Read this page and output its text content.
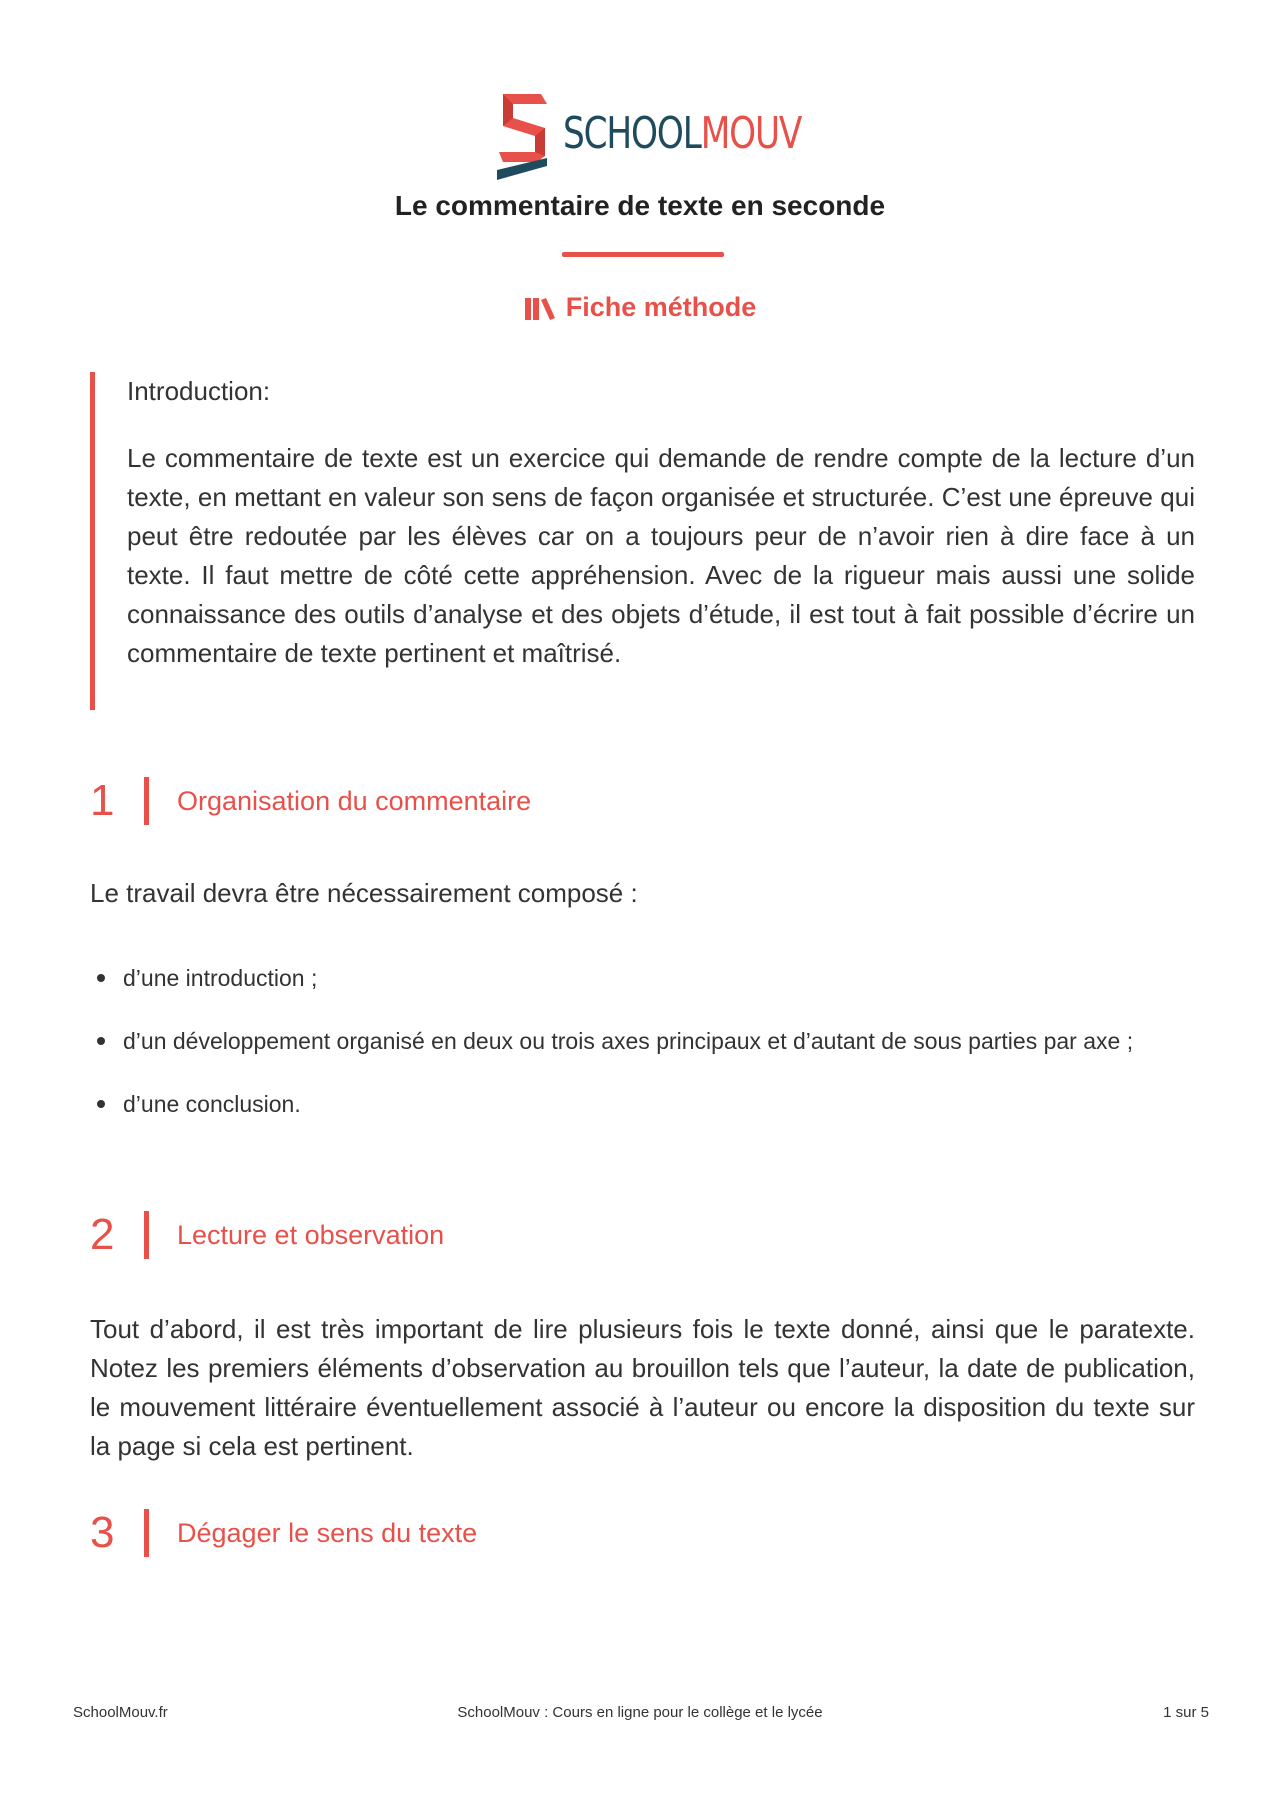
SCHOOLMOUV
Le commentaire de texte en seconde
Fiche méthode

Introduction:

Le commentaire de texte est un exercice qui demande de rendre compte de la lecture d’un texte, en mettant en valeur son sens de façon organisée et structurée. C’est une épreuve qui peut être redoutée par les élèves car on a toujours peur de n’avoir rien à dire face à un texte. Il faut mettre de côté cette appréhension. Avec de la rigueur mais aussi une solide connaissance des outils d’analyse et des objets d’étude, il est tout à fait possible d’écrire un commentaire de texte pertinent et maîtrisé.

1	Organisation du commentaire

Le travail devra être nécessairement composé :

d’une introduction ;
d’un développement organisé en deux ou trois axes principaux et d’autant de sous parties par axe ;
d’une conclusion.
2	Lecture et observation

Tout d’abord, il est très important de lire plusieurs fois le texte donné, ainsi que le paratexte. Notez les premiers éléments d’observation au brouillon tels que l’auteur, la date de publication, le mouvement littéraire éventuellement associé à l’auteur ou encore la disposition du texte sur la page si cela est pertinent.

3	Dégager le sens du texte
SchoolMouv.fr	SchoolMouv : Cours en ligne pour le collège et le lycée	1 sur 5
